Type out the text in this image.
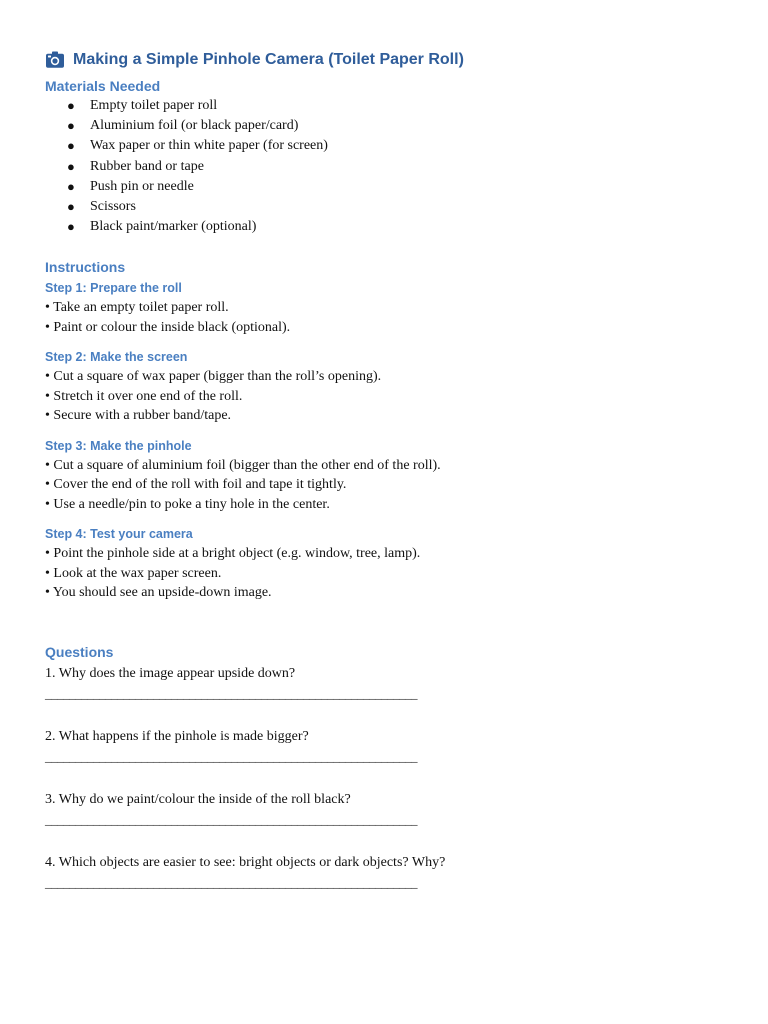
Making a Simple Pinhole Camera (Toilet Paper Roll)
Materials Needed
● Empty toilet paper roll
● Aluminium foil (or black paper/card)
● Wax paper or thin white paper (for screen)
● Rubber band or tape
● Push pin or needle
● Scissors
● Black paint/marker (optional)
Instructions
Step 1: Prepare the roll
• Take an empty toilet paper roll.
• Paint or colour the inside black (optional).
Step 2: Make the screen
• Cut a square of wax paper (bigger than the roll’s opening).
• Stretch it over one end of the roll.
• Secure with a rubber band/tape.
Step 3: Make the pinhole
• Cut a square of aluminium foil (bigger than the other end of the roll).
• Cover the end of the roll with foil and tape it tightly.
• Use a needle/pin to poke a tiny hole in the center.
Step 4: Test your camera
• Point the pinhole side at a bright object (e.g. window, tree, lamp).
• Look at the wax paper screen.
• You should see an upside-down image.
Questions
1. Why does the image appear upside down?
______________________________________________________________
2. What happens if the pinhole is made bigger?
______________________________________________________________
3. Why do we paint/colour the inside of the roll black?
______________________________________________________________
4. Which objects are easier to see: bright objects or dark objects? Why?
______________________________________________________________
